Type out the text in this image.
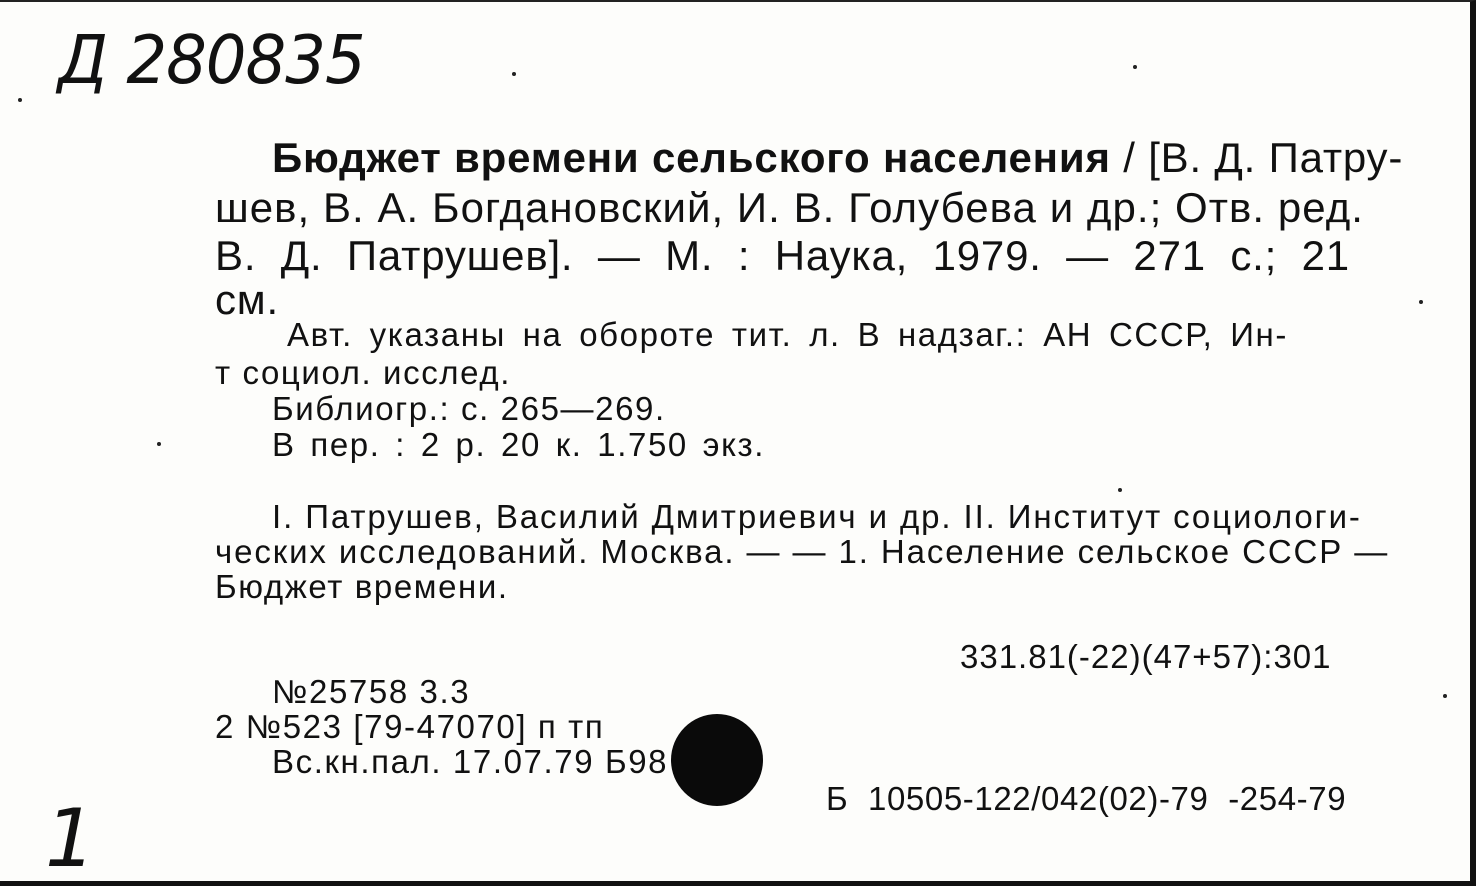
Д 280835
Бюджет времени сельского населения / [В. Д. Патру-
шев, В. А. Богдановский, И. В. Голубева и др.; Отв. ред.
В. Д. Патрушев]. — М. : Наука, 1979. — 271 с.; 21
см.
Авт. указаны на обороте тит. л. В надзаг.: АН СССР, Ин-
т социол. исслед.
Библиогр.: с. 265—269.
В пер. : 2 р. 20 к. 1.750 экз.
I. Патрушев, Василий Дмитриевич и др. II. Институт социологи-
ческих исследований. Москва. — — 1. Население сельское СССР —
Бюджет времени.
331.81(-22)(47+57):301
№25758 3.3
2 №523 [79-47070] п тп
Вс.кн.пал. 17.07.79 Б98
Б 10505-122/042(02)-79 -254-79
1
